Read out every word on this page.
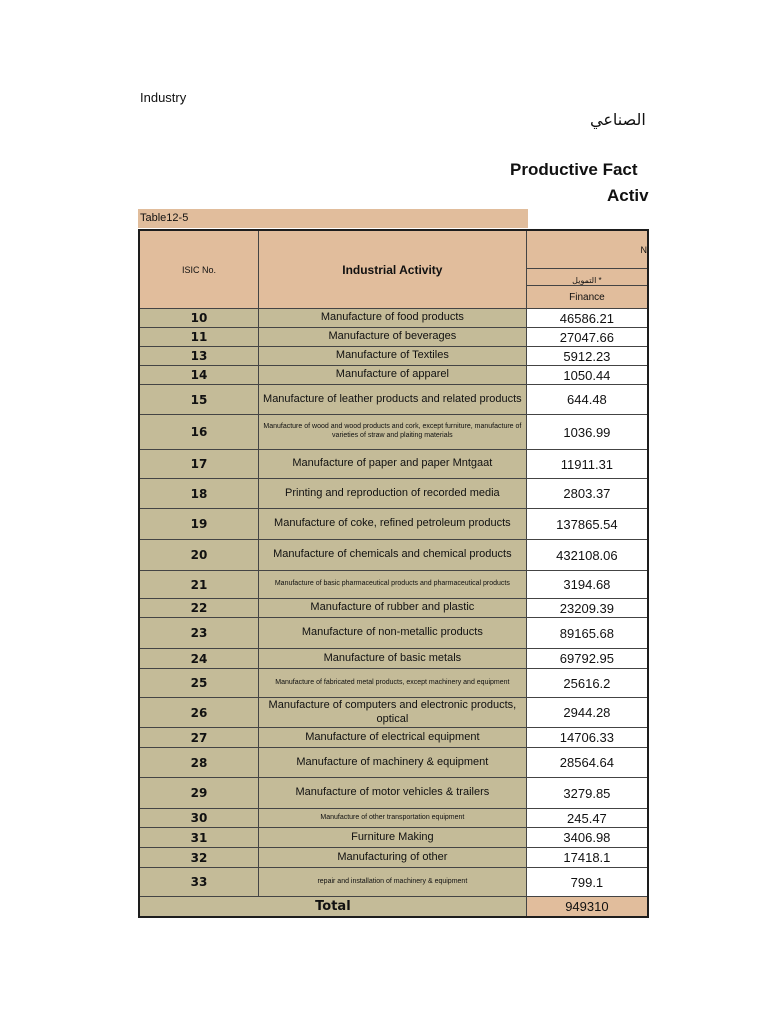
Industry
الصناعي
Productive Fact
Activ
Table12-5
ISIC No.	Industrial Activity	N
		التمويل *
		Finance
10	Manufacture of food products	46586.21
11	Manufacture of beverages	27047.66
13	Manufacture of Textiles	5912.23
14	Manufacture of apparel	1050.44
15	Manufacture of leather products and related products	644.48
16	Manufacture of wood and wood products and cork, except furniture, manufacture of varieties of straw and plaiting materials	1036.99
17	Manufacture of paper and paper Mntgaat	11911.31
18	Printing and reproduction of recorded media	2803.37
19	Manufacture of coke, refined petroleum products	137865.54
20	Manufacture of chemicals and chemical products	432108.06
21	Manufacture of basic pharmaceutical products and pharmaceutical products	3194.68
22	Manufacture of rubber and plastic	23209.39
23	Manufacture of non-metallic products	89165.68
24	Manufacture of basic metals	69792.95
25	Manufacture of fabricated metal products, except machinery and equipment	25616.2
26	Manufacture of computers and electronic products, optical	2944.28
27	Manufacture of electrical equipment	14706.33
28	Manufacture of machinery & equipment	28564.64
29	Manufacture of motor vehicles & trailers	3279.85
30	Manufacture of other transportation equipment	245.47
31	Furniture Making	3406.98
32	Manufacturing of other	17418.1
33	repair and installation of machinery & equipment	799.1
Total		949310
